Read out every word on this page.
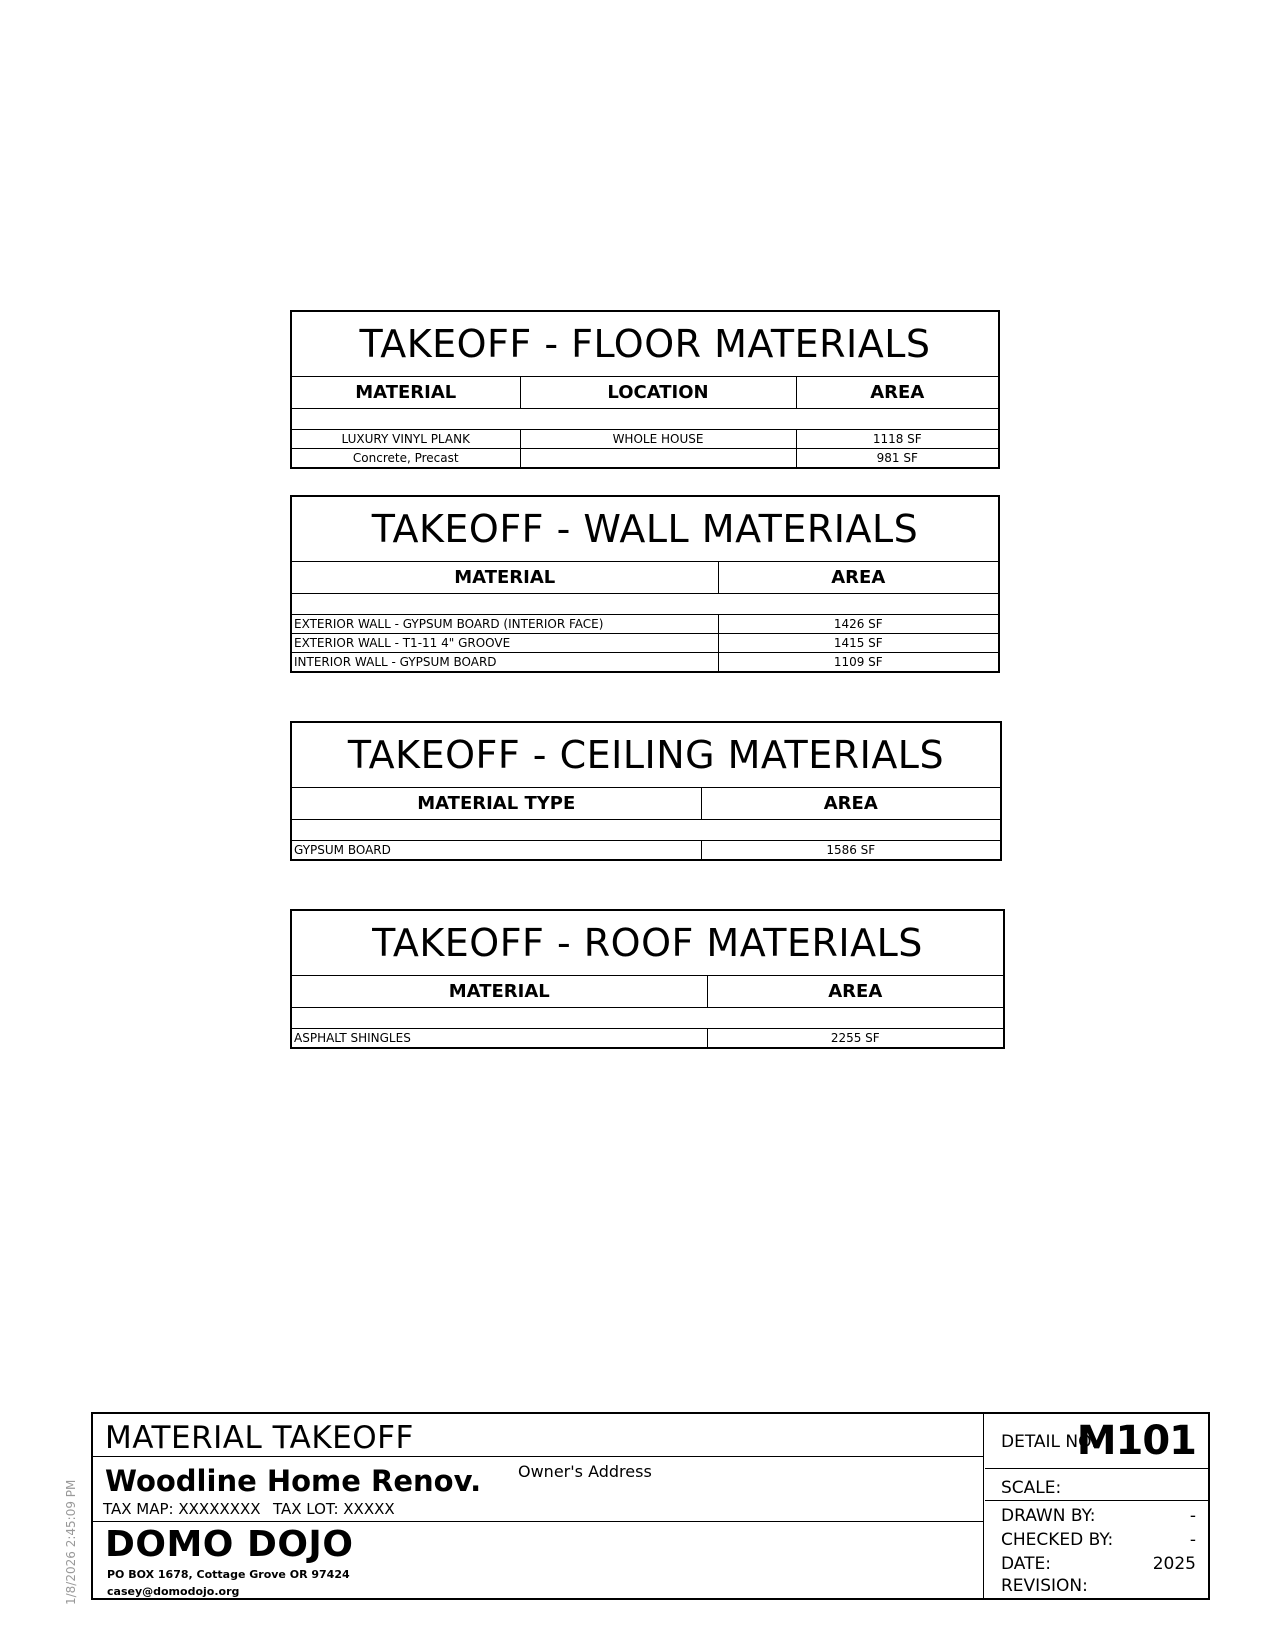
TAKEOFF - FLOOR MATERIALS		
MATERIAL	LOCATION	AREA

LUXURY VINYL PLANK	WHOLE HOUSE	1118 SF
Concrete, Precast		981 SF
TAKEOFF - WALL MATERIALS	
MATERIAL	AREA

EXTERIOR WALL - GYPSUM BOARD (INTERIOR FACE)	1426 SF
EXTERIOR WALL - T1-11 4" GROOVE	1415 SF
INTERIOR WALL - GYPSUM BOARD	1109 SF
TAKEOFF - CEILING MATERIALS	
MATERIAL TYPE	AREA

GYPSUM BOARD	1586 SF
TAKEOFF - ROOF MATERIALS	
MATERIAL	AREA

ASPHALT SHINGLES	2255 SF
MATERIAL TAKEOFF
Woodline Home Renov. Owner's Address
TAX MAP: XXXXXXXX TAX LOT: XXXXX
DOMO DOJO
PO BOX 1678, Cottage Grove OR 97424
casey@domodojo.org
DETAIL NO:
M101
SCALE:
DRAWN BY:	-
CHECKED BY:	-
DATE:	2025
REVISION:
1/8/2026 2:45:09 PM
